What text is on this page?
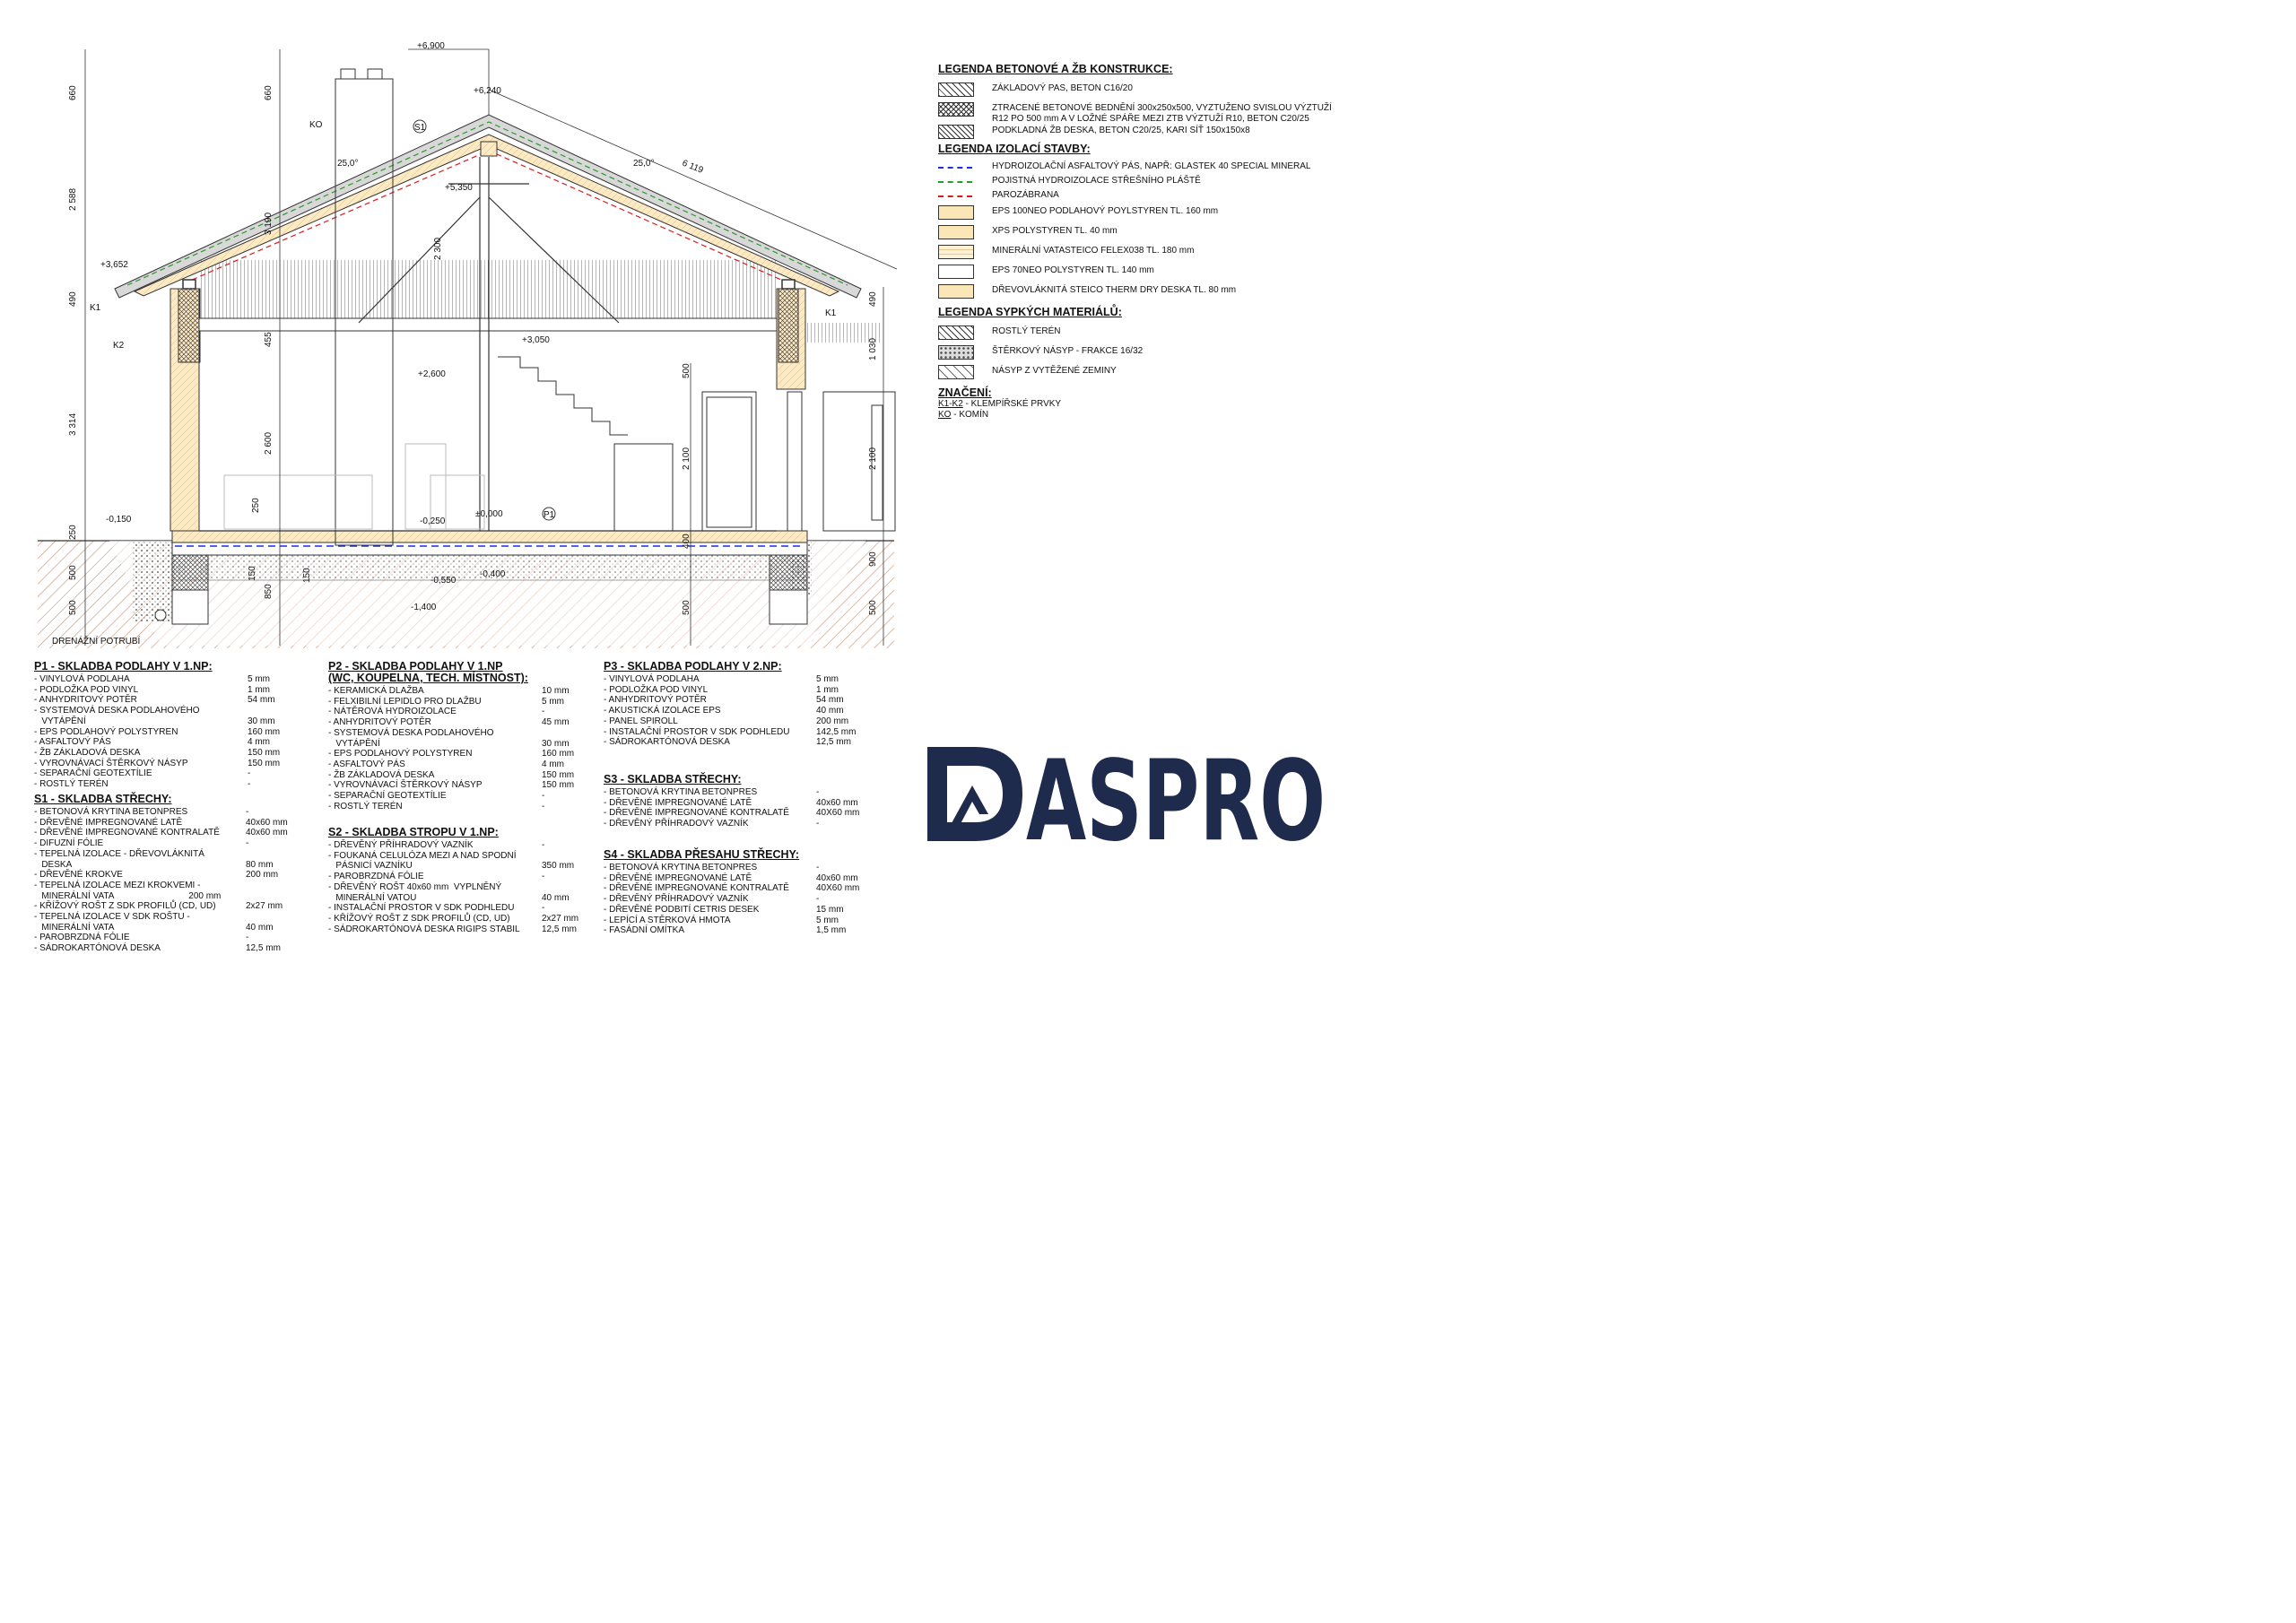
+6,900
+6,240
+5,350
+3,652
+3,050
+2,600
-0,150	-0,250
±0,000
-0,550
-0,400
-1,400
25,0°	25,0°	6 119
660
2 588
490
3 314
250
500
500
660
3 190
455
2 600
250
150
850
150
2 300
490
1 030
500
2 100
400
500
900
500
2 100
KO
K1
K2
K1
DRENÁŽNÍ POTRUBÍ
S1
P1
LEGENDA BETONOVÉ A ŽB KONSTRUKCE:
ZÁKLADOVÝ PAS, BETON C16/20
ZTRACENÉ BETONOVÉ BEDNĚNÍ 300x250x500, VYZTUŽENO SVISLOU VÝZTUŽÍ
R12 PO 500 mm A V LOŽNÉ SPÁŘE MEZI ZTB VÝZTUŽÍ R10, BETON C20/25
PODKLADNÁ ŽB DESKA, BETON C20/25, KARI SÍŤ 150x150x8
LEGENDA IZOLACÍ STAVBY:
HYDROIZOLAČNÍ ASFALTOVÝ PÁS, NAPŘ: GLASTEK 40 SPECIAL MINERAL
POJISTNÁ HYDROIZOLACE STŘEŠNÍHO PLÁŠTĚ
PAROZÁBRANA
EPS 100NEO PODLAHOVÝ POYLSTYREN TL. 160 mm
XPS POLYSTYREN TL. 40 mm
MINERÁLNÍ VATASTEICO FELEX038 TL. 180 mm
EPS 70NEO POLYSTYREN TL. 140 mm
DŘEVOVLÁKNITÁ STEICO THERM DRY DESKA TL. 80 mm
LEGENDA SYPKÝCH MATERIÁLŮ:
ROSTLÝ TERÉN
ŠTĚRKOVÝ NÁSYP - FRAKCE 16/32
NÁSYP Z VYTĚŽENÉ ZEMINY
ZNAČENÍ:
K1-K2 - KLEMPÍŘSKÉ PRVKY
KO - KOMÍN
P1 - SKLADBA PODLAHY V 1.NP:
- VINYLOVÁ PODLAHA	5 mm
- PODLOŽKA POD VINYL	1 mm
- ANHYDRITOVÝ POTĚR	54 mm
- SYSTEMOVÁ DESKA PODLAHOVÉHO
VYTÁPĚNÍ	30 mm
- EPS PODLAHOVÝ POLYSTYREN	160 mm
- ASFALTOVÝ PÁS	4 mm
- ŽB ZÁKLADOVÁ DESKA	150 mm
- VYROVNÁVACÍ ŠTĚRKOVÝ NÁSYP	150 mm
- SEPARAČNÍ GEOTEXTÍLIE	-
- ROSTLÝ TERÉN	-
S1 - SKLADBA STŘECHY:
- BETONOVÁ KRYTINA BETONPRES	-
- DŘEVĚNÉ IMPREGNOVANÉ LATĚ	40x60 mm
- DŘEVĚNÉ IMPREGNOVANÉ KONTRALATĚ	40x60 mm
- DIFUZNÍ FÓLIE	-
- TEPELNÁ IZOLACE - DŘEVOVLÁKNITÁ
DESKA	80 mm
- DŘEVĚNÉ KROKVE	200 mm
- TEPELNÁ IZOLACE MEZI KROKVEMI -
MINERÁLNÍ VATA                              200 mm
- KŘÍŽOVÝ ROŠT Z SDK PROFILŮ (CD, UD)	2x27 mm
- TEPELNÁ IZOLACE V SDK ROŠTU -
MINERÁLNÍ VATA	40 mm
- PAROBRZDNÁ FÓLIE	-
- SÁDROKARTÓNOVÁ DESKA	12,5 mm
P2 - SKLADBA PODLAHY V 1.NP
(WC, KOUPELNA, TECH. MÍSTNOST):
- KERAMICKÁ DLAŽBA	10 mm
- FELXIBILNÍ LEPIDLO PRO DLAŽBU	5 mm
- NÁTĚROVÁ HYDROIZOLACE	-
- ANHYDRITOVÝ POTĚR	45 mm
- SYSTEMOVÁ DESKA PODLAHOVÉHO
VYTÁPĚNÍ	30 mm
- EPS PODLAHOVÝ POLYSTYREN	160 mm
- ASFALTOVÝ PÁS	4 mm
- ŽB ZÁKLADOVÁ DESKA	150 mm
- VYROVNÁVACÍ ŠTĚRKOVÝ NÁSYP	150 mm
- SEPARAČNÍ GEOTEXTÍLIE	-
- ROSTLÝ TERÉN	-
S2 - SKLADBA STROPU V 1.NP:
- DŘEVĚNÝ PŘÍHRADOVÝ VAZNÍK	-
- FOUKANÁ CELULÓZA MEZI A NAD SPODNÍ
PÁSNICÍ VAZNÍKU	350 mm
- PAROBRZDNÁ FÓLIE	-
- DŘEVĚNÝ ROŠT 40x60 mm  VYPLNĚNÝ
MINERÁLNÍ VATOU	40 mm
- INSTALAČNÍ PROSTOR V SDK PODHLEDU	-
- KŘÍŽOVÝ ROŠT Z SDK PROFILŮ (CD, UD)	2x27 mm
- SÁDROKARTÓNOVÁ DESKA RIGIPS STABIL 12,5 mm
P3 - SKLADBA PODLAHY V 2.NP:
- VINYLOVÁ PODLAHA	5 mm
- PODLOŽKA POD VINYL	1 mm
- ANHYDRITOVÝ POTĚR	54 mm
- AKUSTICKÁ IZOLACE EPS	40 mm
- PANEL SPIROLL	200 mm
- INSTALAČNÍ PROSTOR V SDK PODHLEDU	142,5 mm
- SÁDROKARTÓNOVÁ DESKA	12,5 mm
S3 - SKLADBA STŘECHY:
- BETONOVÁ KRYTINA BETONPRES	-
- DŘEVĚNÉ IMPREGNOVANÉ LATĚ	40x60 mm
- DŘEVĚNÉ IMPREGNOVANÉ KONTRALATĚ	40X60 mm
- DŘEVĚNÝ PŘÍHRADOVÝ VAZNÍK	-
S4 - SKLADBA PŘESAHU STŘECHY:
- BETONOVÁ KRYTINA BETONPRES	-
- DŘEVĚNÉ IMPREGNOVANÉ LATĚ	40x60 mm
- DŘEVĚNÉ IMPREGNOVANÉ KONTRALATĚ	40X60 mm
- DŘEVĚNÝ PŘÍHRADOVÝ VAZNÍK	-
- DŘEVĚNÉ PODBITÍ CETRIS DESEK	15 mm
- LEPÍCÍ A STĚRKOVÁ HMOTA	5 mm
- FASÁDNÍ OMÍTKA	1,5 mm
ASPRO
